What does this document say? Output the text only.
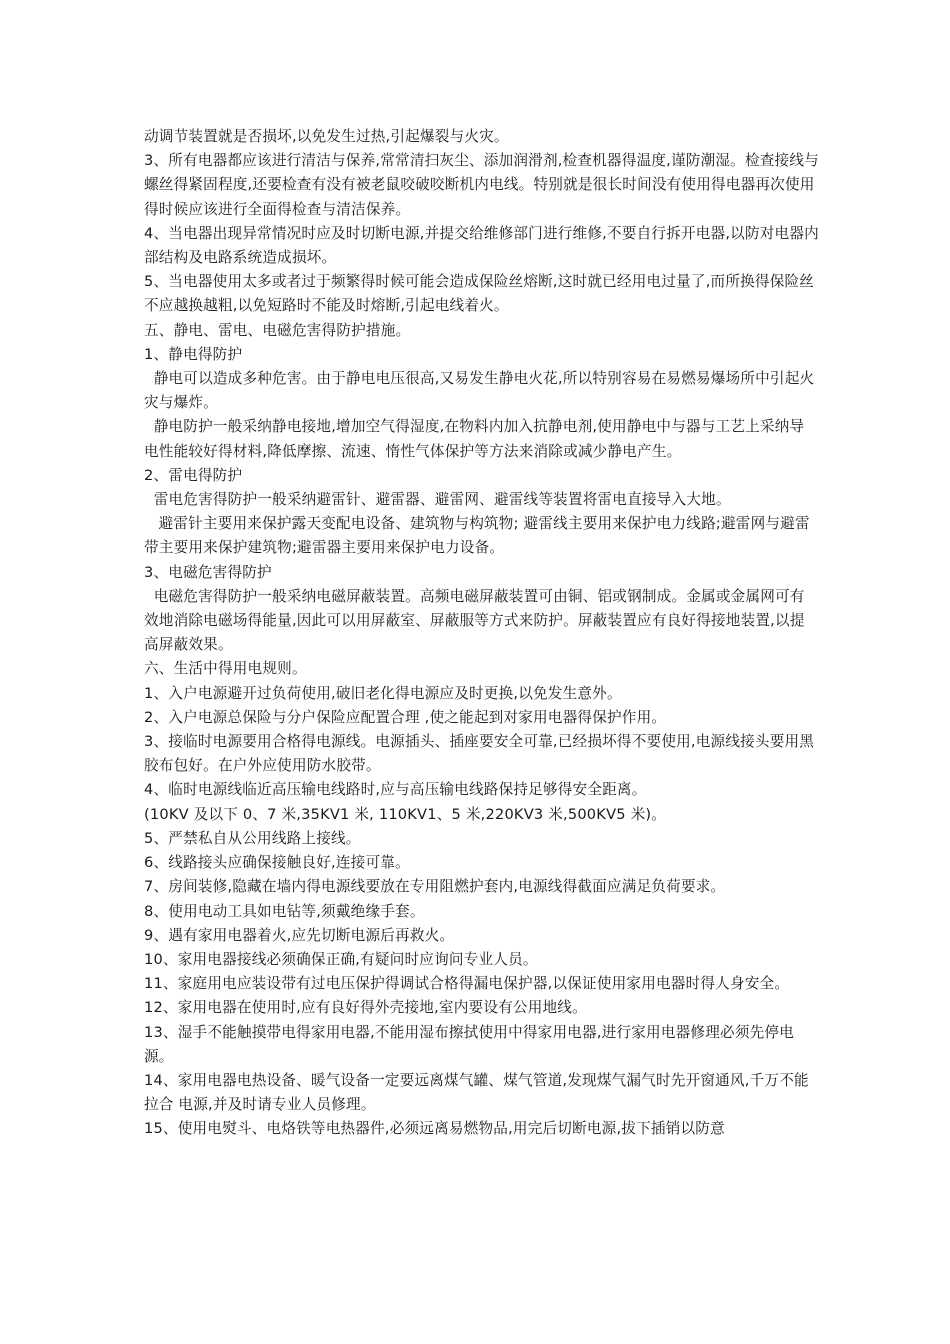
动调节装置就是否损坏,以免发生过热,引起爆裂与火灾。

3、所有电器都应该进行清洁与保养,常常清扫灰尘、添加润滑剂,检查机器得温度,谨防潮湿。检查接线与螺丝得紧固程度,还要检查有没有被老鼠咬破咬断机内电线。特别就是很长时间没有使用得电器再次使用得时候应该进行全面得检查与清洁保养。

4、当电器出现异常情况时应及时切断电源,并提交给维修部门进行维修,不要自行拆开电器,以防对电器内部结构及电路系统造成损坏。

5、当电器使用太多或者过于频繁得时候可能会造成保险丝熔断,这时就已经用电过量了,而所换得保险丝不应越换越粗,以免短路时不能及时熔断,引起电线着火。

五、静电、雷电、电磁危害得防护措施。

1、静电得防护

静电可以造成多种危害。由于静电电压很高,又易发生静电火花,所以特别容易在易燃易爆场所中引起火灾与爆炸。

静电防护一般采纳静电接地,增加空气得湿度,在物料内加入抗静电剂,使用静电中与器与工艺上采纳导电性能较好得材料,降低摩擦、流速、惰性气体保护等方法来消除或减少静电产生。

2、雷电得防护

雷电危害得防护一般采纳避雷针、避雷器、避雷网、避雷线等装置将雷电直接导入大地。

避雷针主要用来保护露天变配电设备、建筑物与构筑物; 避雷线主要用来保护电力线路;避雷网与避雷带主要用来保护建筑物;避雷器主要用来保护电力设备。

3、电磁危害得防护

电磁危害得防护一般采纳电磁屏蔽装置。高频电磁屏蔽装置可由铜、铝或钢制成。金属或金属网可有效地消除电磁场得能量,因此可以用屏蔽室、屏蔽服等方式来防护。屏蔽装置应有良好得接地装置,以提高屏蔽效果。

六、生活中得用电规则。

1、入户电源避开过负荷使用,破旧老化得电源应及时更换,以免发生意外。

2、入户电源总保险与分户保险应配置合理 ,使之能起到对家用电器得保护作用。

3、接临时电源要用合格得电源线。电源插头、插座要安全可靠,已经损坏得不要使用,电源线接头要用黑胶布包好。在户外应使用防水胶带。

4、临时电源线临近高压输电线路时,应与高压输电线路保持足够得安全距离。

(10KV 及以下 0、7 米,35KV1 米, 110KV1、5 米,220KV3 米,500KV5 米)。

5、严禁私自从公用线路上接线。

6、线路接头应确保接触良好,连接可靠。

7、房间装修,隐藏在墙内得电源线要放在专用阻燃护套内,电源线得截面应满足负荷要求。

8、使用电动工具如电钻等,须戴绝缘手套。

9、遇有家用电器着火,应先切断电源后再救火。

10、家用电器接线必须确保正确,有疑问时应询问专业人员。

11、家庭用电应装设带有过电压保护得调试合格得漏电保护器,以保证使用家用电器时得人身安全。

12、家用电器在使用时,应有良好得外壳接地,室内要设有公用地线。

13、湿手不能触摸带电得家用电器,不能用湿布擦拭使用中得家用电器,进行家用电器修理必须先停电源。

14、家用电器电热设备、暖气设备一定要远离煤气罐、煤气管道,发现煤气漏气时先开窗通风,千万不能拉合 电源,并及时请专业人员修理。

15、使用电熨斗、电烙铁等电热器件,必须远离易燃物品,用完后切断电源,拔下插销以防意
